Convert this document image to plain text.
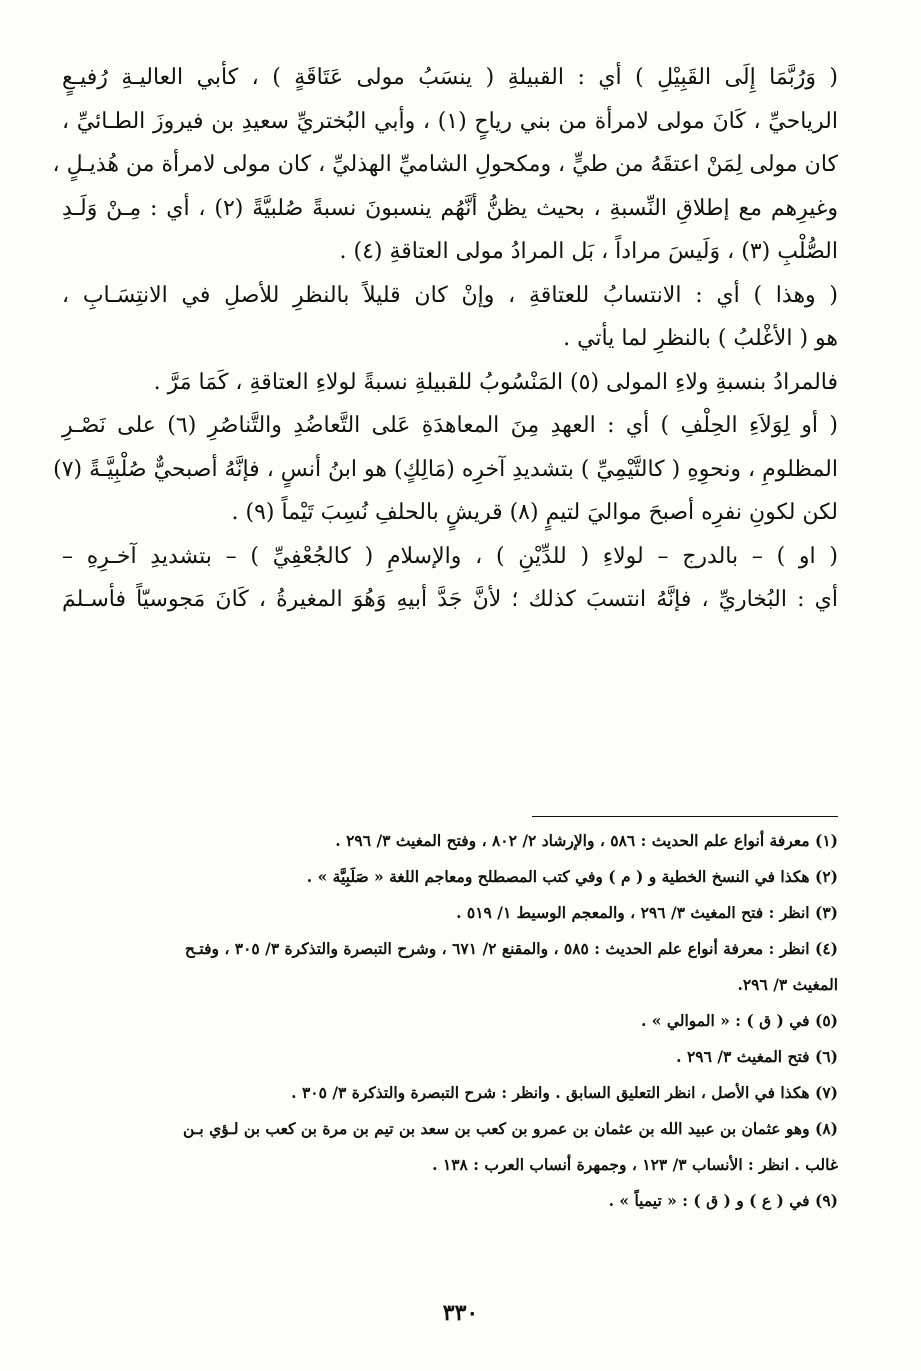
( وَرُبَّمَا إِلَى القَبِيْلِ ) أي : القبيلةِ ( ينسَبُ مولى عَتَاقَةٍ ) ، كأبي العاليـةِ رُفيـعٍ
الرياحيِّ ، كَانَ مولى لامرأة من بني رياحٍ (١) ، وأبي البُختريِّ سعيدِ بن فيروزَ الطـائيِّ ،
كان مولى لِمَنْ اعتقَهُ من طيٍّ ، ومكحولِ الشاميِّ الهذليِّ ، كان مولى لامرأة من هُذيـلٍ ،
وغيرِهم مع إطلاقِ النِّسبةِ ، بحيث يظنُّ أنَّهُم ينسبونَ نسبةً صُلبيَّةً (٢) ، أي : مِـنْ وَلَـدِ
الصُّلْبِ (٣) ، وَلَيسَ مراداً ، بَل المرادُ مولى العتاقةِ (٤) .
( وهذا ) أي : الانتسابُ للعتاقةِ ، وإنْ كان قليلاً بالنظرِ للأصلِ في الانتِسَـابِ ،
هو ( الأغْلبُ ) بالنظرِ لما يأتي .
فالمرادُ بنسبةِ ولاءِ المولى (٥) المَنْسُوبُ للقبيلةِ نسبةً لولاءِ العتاقةِ ، كَمَا مَرَّ .
( أو لِوَلاَءِ الحِلْفِ ) أي : العهدِ مِنَ المعاهدَةِ عَلى التَّعاضُدِ والتَّناصُرِ (٦) على نَصْـرِ
المظلومِ ، ونحوِهِ ( كالتَّيْمِيِّ ) بتشديدِ آخرِه (مَالِكٍ) هو ابنُ أنسٍ ، فإنَّهُ أصبحيٌّ صُلْبِيَّـةً (٧)
لكن لكونِ نفرِه أصبحَ مواليَ لتيمٍ (٨) قريشٍ بالحلفِ نُسِبَ تَيْماً (٩) .
( او ) – بالدرج – لولاءِ ( للدِّيْنِ ) ، والإسلامِ ( كالجُعْفِيِّ ) – بتشديدِ آخـرِهِ –
أي : البُخاريِّ ، فإنَّهُ انتسبَ كذلك ؛ لأنَّ جَدَّ أبيهِ وَهُوَ المغيرةُ ، كَانَ مَجوسيّاً فأسـلمَ
(١) معرفة أنواع علم الحديث : ٥٨٦ ، والإرشاد ٢/ ٨٠٢ ، وفتح المغيث ٣/ ٢٩٦ .
(٢) هكذا في النسخ الخطية و ( م ) وفي كتب المصطلح ومعاجم اللغة « صَلَبِيَّة » .
(٣) انظر : فتح المغيث ٣/ ٢٩٦ ، والمعجم الوسيط ١/ ٥١٩ .
(٤) انظر : معرفة أنواع علم الحديث : ٥٨٥ ، والمقنع ٢/ ٦٧١ ، وشرح التبصرة والتذكرة ٣/ ٣٠٥ ، وفتـح
المغيث ٣/ ٢٩٦.
(٥) في ( ق ) : « الموالي » .
(٦) فتح المغيث ٣/ ٢٩٦ .
(٧) هكذا في الأصل ، انظر التعليق السابق . وانظر : شرح التبصرة والتذكرة ٣/ ٣٠٥ .
(٨) وهو عثمان بن عبيد الله بن عثمان بن عمرو بن كعب بن سعد بن تيم بن مرة بن كعب بن لـؤي بـن
غالب . انظر : الأنساب ٣/ ١٢٣ ، وجمهرة أنساب العرب : ١٣٨ .
(٩) في ( ع ) و ( ق ) : « تيمياً » .
٣٣٠
